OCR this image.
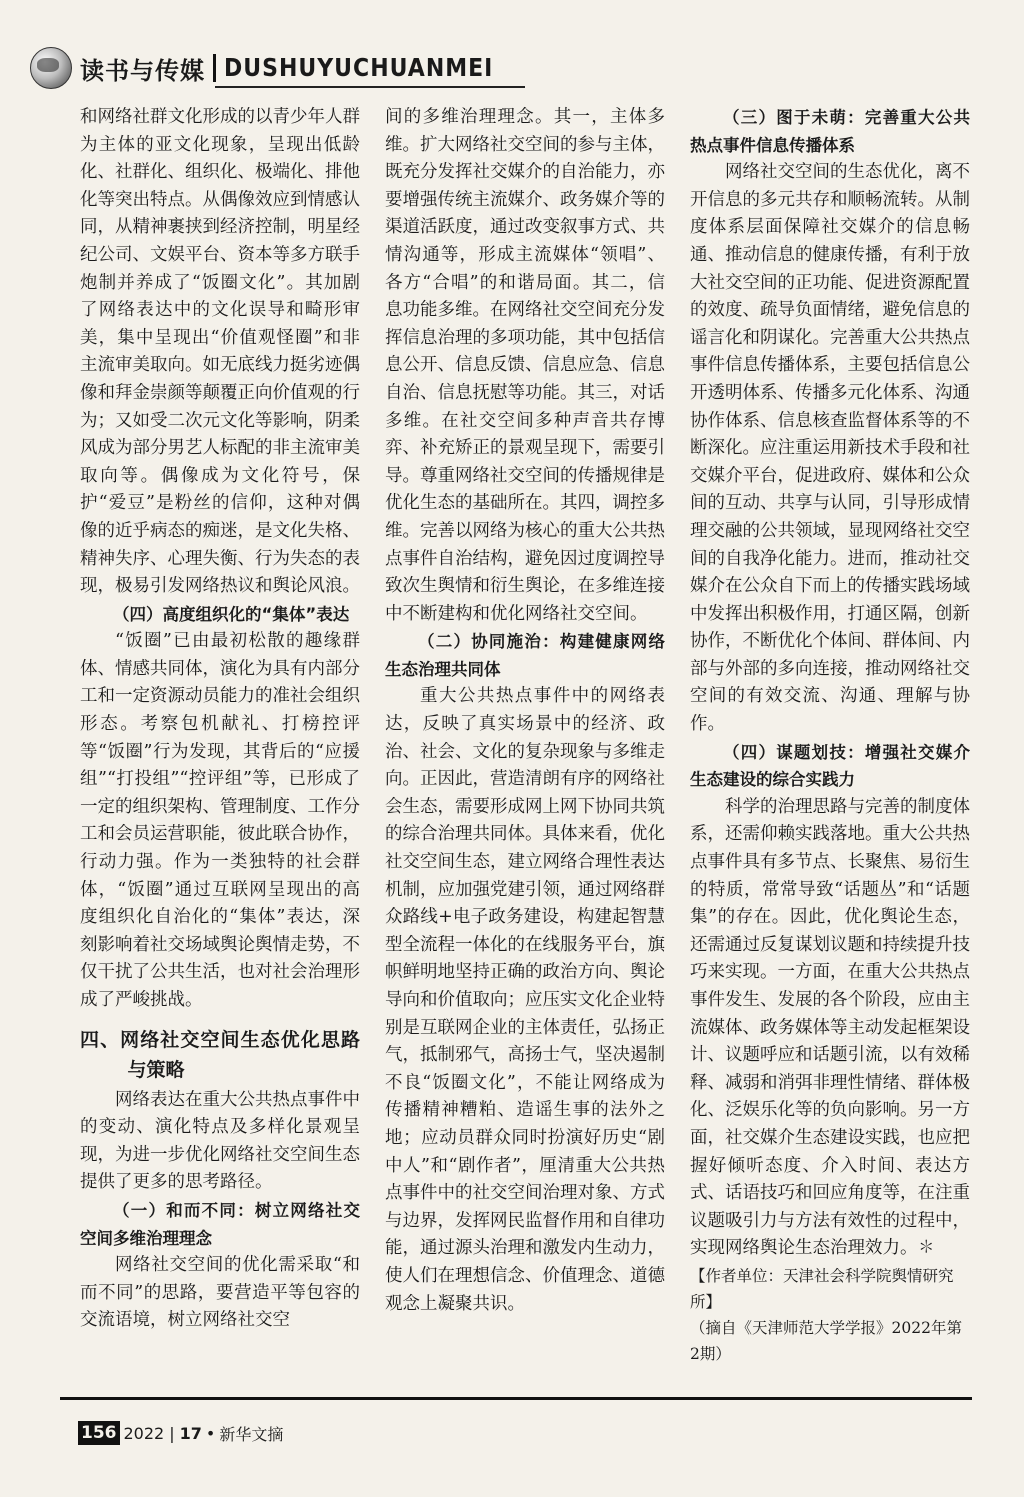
读书与传媒 DUSHUYUCHUANMEI

和网络社群文化形成的以青少年人群为主体的亚文化现象，呈现出低龄化、社群化、组织化、极端化、排他化等突出特点。从偶像效应到情感认同，从精神裹挟到经济控制，明星经纪公司、文娱平台、资本等多方联手炮制并养成了“饭圈文化”。其加剧了网络表达中的文化误导和畸形审美，集中呈现出“价值观怪圈”和非主流审美取向。如无底线力挺劣迹偶像和拜金崇颜等颠覆正向价值观的行为；又如受二次元文化等影响，阴柔风成为部分男艺人标配的非主流审美取向等。偶像成为文化符号，保护“爱豆”是粉丝的信仰，这种对偶像的近乎病态的痴迷，是文化失格、精神失序、心理失衡、行为失态的表现，极易引发网络热议和舆论风浪。

（四）高度组织化的“集体”表达

“饭圈”已由最初松散的趣缘群体、情感共同体，演化为具有内部分工和一定资源动员能力的准社会组织形态。考察包机献礼、打榜控评等“饭圈”行为发现，其背后的“应援组”“打投组”“控评组”等，已形成了一定的组织架构、管理制度、工作分工和会员运营职能，彼此联合协作，行动力强。作为一类独特的社会群体，“饭圈”通过互联网呈现出的高度组织化自治化的“集体”表达，深刻影响着社交场域舆论舆情走势，不仅干扰了公共生活，也对社会治理形成了严峻挑战。

四、网络社交空间生态优化思路与策略

网络表达在重大公共热点事件中的变动、演化特点及多样化景观呈现，为进一步优化网络社交空间生态提供了更多的思考路径。

（一）和而不同：树立网络社交空间多维治理理念

网络社交空间的优化需采取“和而不同”的思路，要营造平等包容的交流语境，树立网络社交空

间的多维治理理念。其一，主体多维。扩大网络社交空间的参与主体，既充分发挥社交媒介的自治能力，亦要增强传统主流媒介、政务媒介等的渠道活跃度，通过改变叙事方式、共情沟通等，形成主流媒体“领唱”、各方“合唱”的和谐局面。其二，信息功能多维。在网络社交空间充分发挥信息治理的多项功能，其中包括信息公开、信息反馈、信息应急、信息自治、信息抚慰等功能。其三，对话多维。在社交空间多种声音共存博弈、补充矫正的景观呈现下，需要引导。尊重网络社交空间的传播规律是优化生态的基础所在。其四，调控多维。完善以网络为核心的重大公共热点事件自治结构，避免因过度调控导致次生舆情和衍生舆论，在多维连接中不断建构和优化网络社交空间。

（二）协同施治：构建健康网络生态治理共同体

重大公共热点事件中的网络表达，反映了真实场景中的经济、政治、社会、文化的复杂现象与多维走向。正因此，营造清朗有序的网络社会生态，需要形成网上网下协同共筑的综合治理共同体。具体来看，优化社交空间生态，建立网络合理性表达机制，应加强党建引领，通过网络群众路线+电子政务建设，构建起智慧型全流程一体化的在线服务平台，旗帜鲜明地坚持正确的政治方向、舆论导向和价值取向；应压实文化企业特别是互联网企业的主体责任，弘扬正气，抵制邪气，高扬士气，坚决遏制不良“饭圈文化”，不能让网络成为传播精神糟粕、造谣生事的法外之地；应动员群众同时扮演好历史“剧中人”和“剧作者”，厘清重大公共热点事件中的社交空间治理对象、方式与边界，发挥网民监督作用和自律功能，通过源头治理和激发内生动力，使人们在理想信念、价值理念、道德观念上凝聚共识。

（三）图于未萌：完善重大公共热点事件信息传播体系

网络社交空间的生态优化，离不开信息的多元共存和顺畅流转。从制度体系层面保障社交媒介的信息畅通、推动信息的健康传播，有利于放大社交空间的正功能、促进资源配置的效度、疏导负面情绪，避免信息的谣言化和阴谋化。完善重大公共热点事件信息传播体系，主要包括信息公开透明体系、传播多元化体系、沟通协作体系、信息核查监督体系等的不断深化。应注重运用新技术手段和社交媒介平台，促进政府、媒体和公众间的互动、共享与认同，引导形成情理交融的公共领域，显现网络社交空间的自我净化能力。进而，推动社交媒介在公众自下而上的传播实践场域中发挥出积极作用，打通区隔，创新协作，不断优化个体间、群体间、内部与外部的多向连接，推动网络社交空间的有效交流、沟通、理解与协作。

（四）谋题划技：增强社交媒介生态建设的综合实践力

科学的治理思路与完善的制度体系，还需仰赖实践落地。重大公共热点事件具有多节点、长聚焦、易衍生的特质，常常导致“话题丛”和“话题集”的存在。因此，优化舆论生态，还需通过反复谋划议题和持续提升技巧来实现。一方面，在重大公共热点事件发生、发展的各个阶段，应由主流媒体、政务媒体等主动发起框架设计、议题呼应和话题引流，以有效稀释、减弱和消弭非理性情绪、群体极化、泛娱乐化等的负向影响。另一方面，社交媒介生态建设实践，也应把握好倾听态度、介入时间、表达方式、话语技巧和回应角度等，在注重议题吸引力与方法有效性的过程中，实现网络舆论生态治理效力。✽

【作者单位：天津社会科学院舆情研究所】

（摘自《天津师范大学学报》2022年第2期）

156 2022 | 17 • 新华文摘
